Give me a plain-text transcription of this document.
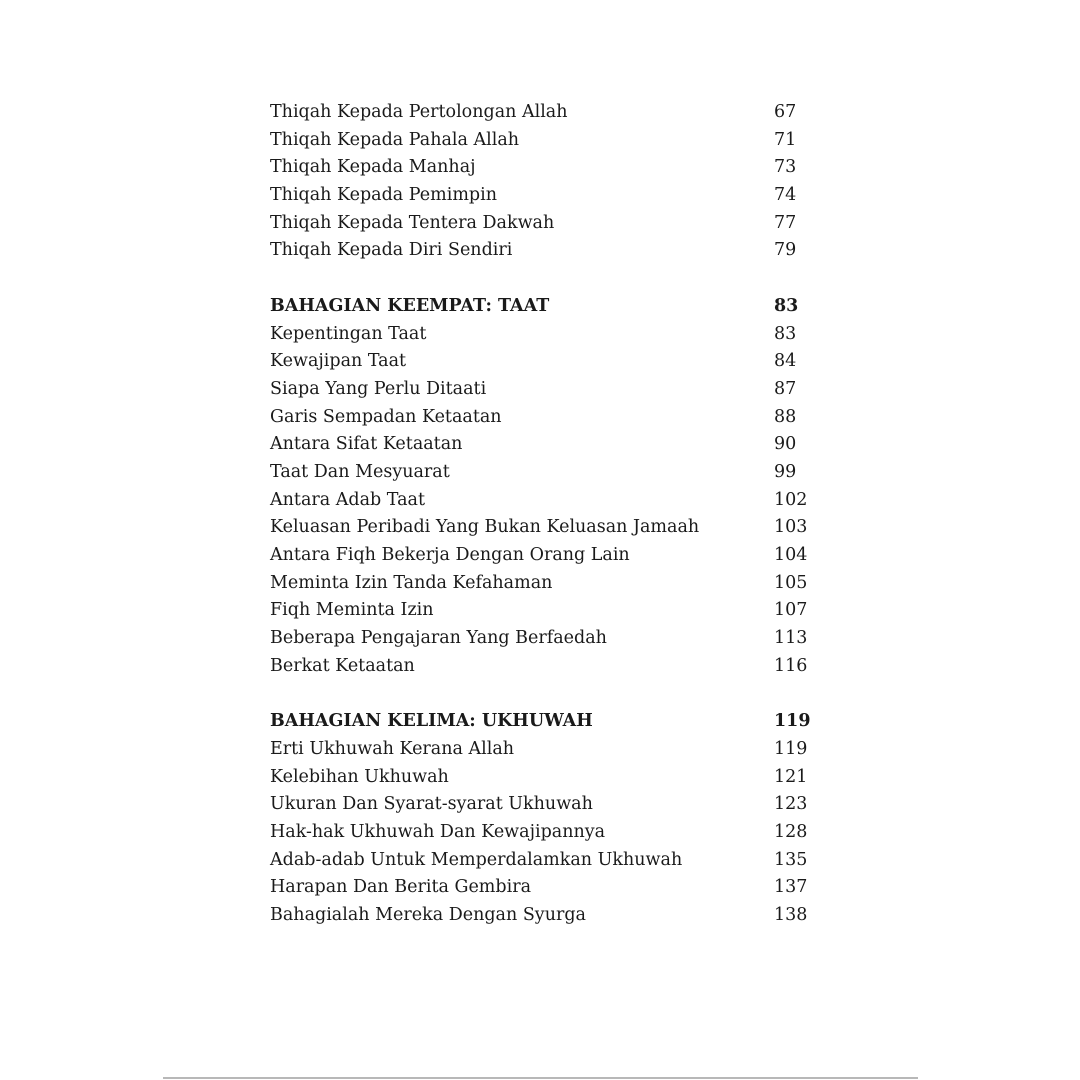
Thiqah Kepada Pertolongan Allah	67
Thiqah Kepada Pahala Allah	71
Thiqah Kepada Manhaj	73
Thiqah Kepada Pemimpin	74
Thiqah Kepada Tentera Dakwah	77
Thiqah Kepada Diri Sendiri	79
BAHAGIAN KEEMPAT: TAAT	83
Kepentingan Taat	83
Kewajipan Taat	84
Siapa Yang Perlu Ditaati	87
Garis Sempadan Ketaatan	88
Antara Sifat Ketaatan	90
Taat Dan Mesyuarat	99
Antara Adab Taat	102
Keluasan Peribadi Yang Bukan Keluasan Jamaah	103
Antara Fiqh Bekerja Dengan Orang Lain	104
Meminta Izin Tanda Kefahaman	105
Fiqh Meminta Izin	107
Beberapa Pengajaran Yang Berfaedah	113
Berkat Ketaatan	116
BAHAGIAN KELIMA: UKHUWAH	119
Erti Ukhuwah Kerana Allah	119
Kelebihan Ukhuwah	121
Ukuran Dan Syarat-syarat Ukhuwah	123
Hak-hak Ukhuwah Dan Kewajipannya	128
Adab-adab Untuk Memperdalamkan Ukhuwah	135
Harapan Dan Berita Gembira	137
Bahagialah Mereka Dengan Syurga	138
